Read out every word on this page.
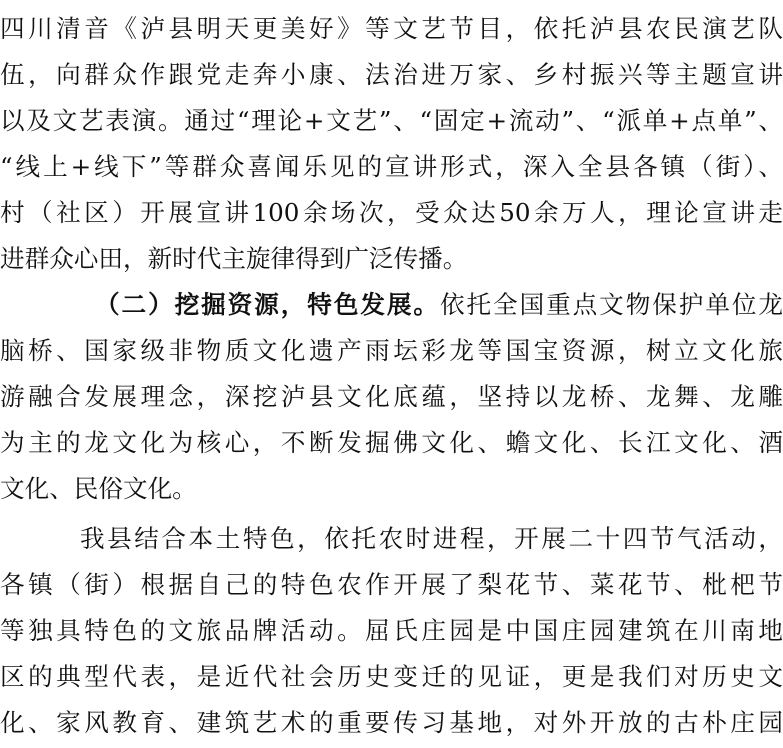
四川清音《泸县明天更美好》等文艺节目，依托泸县农民演艺队
伍，向群众作跟党走奔小康、法治进万家、乡村振兴等主题宣讲
以及文艺表演。通过“理论+文艺”、“固定+流动”、“派单+点单”、
“线上+线下”等群众喜闻乐见的宣讲形式，深入全县各镇（街）、
村（社区）开展宣讲100余场次，受众达50余万人，理论宣讲走
进群众心田，新时代主旋律得到广泛传播。
（二）挖掘资源，特色发展。依托全国重点文物保护单位龙
脑桥、国家级非物质文化遗产雨坛彩龙等国宝资源，树立文化旅
游融合发展理念，深挖泸县文化底蕴，坚持以龙桥、龙舞、龙雕
为主的龙文化为核心，不断发掘佛文化、蟾文化、长江文化、酒
文化、民俗文化。
我县结合本土特色，依托农时进程，开展二十四节气活动，
各镇（街）根据自己的特色农作开展了梨花节、菜花节、枇杷节
等独具特色的文旅品牌活动。屈氏庄园是中国庄园建筑在川南地
区的典型代表，是近代社会历史变迁的见证，更是我们对历史文
化、家风教育、建筑艺术的重要传习基地，对外开放的古朴庄园
